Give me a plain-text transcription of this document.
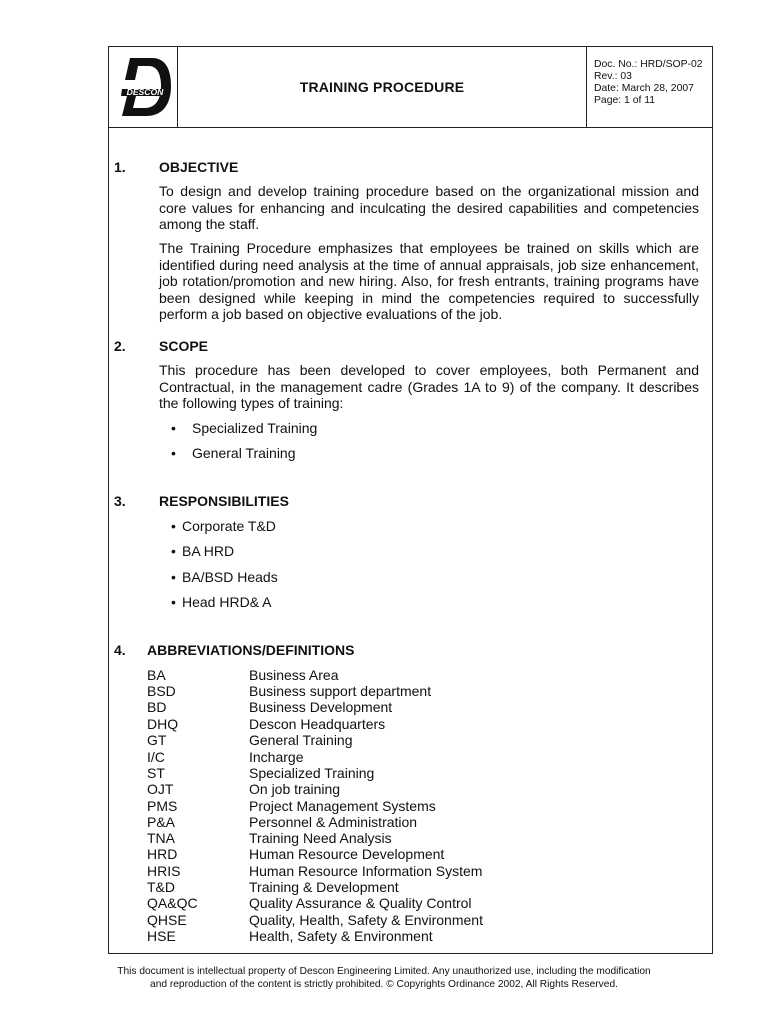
DESCON	TRAINING PROCEDURE
Doc. No.: HRD/SOP-02
Rev.: 03
Date: March 28, 2007
Page: 1 of 11
1. OBJECTIVE
To design and develop training procedure based on the organizational mission and core values for enhancing and inculcating the desired capabilities and competencies among the staff.
The Training Procedure emphasizes that employees be trained on skills which are identified during need analysis at the time of annual appraisals, job size enhancement, job rotation/promotion and new hiring. Also, for fresh entrants, training programs have been designed while keeping in mind the competencies required to successfully perform a job based on objective evaluations of the job.
2. SCOPE
This procedure has been developed to cover employees, both Permanent and Contractual, in the management cadre (Grades 1A to 9) of the company. It describes the following types of training:
• Specialized Training
• General Training
3. RESPONSIBILITIES
• Corporate T&D
• BA HRD
• BA/BSD Heads
• Head HRD& A
4. ABBREVIATIONS/DEFINITIONS
BA	Business Area
BSD	Business support department
BD	Business Development
DHQ	Descon Headquarters
GT	General Training
I/C	Incharge
ST	Specialized Training
OJT	On job training
PMS	Project Management Systems
P&A	Personnel & Administration
TNA	Training Need Analysis
HRD	Human Resource Development
HRIS	Human Resource Information System
T&D	Training & Development
QA&QC	Quality Assurance & Quality Control
QHSE	Quality, Health, Safety & Environment
HSE	Health, Safety & Environment
This document is intellectual property of Descon Engineering Limited. Any unauthorized use, including the modification
and reproduction of the content is strictly prohibited. © Copyrights Ordinance 2002, All Rights Reserved.
